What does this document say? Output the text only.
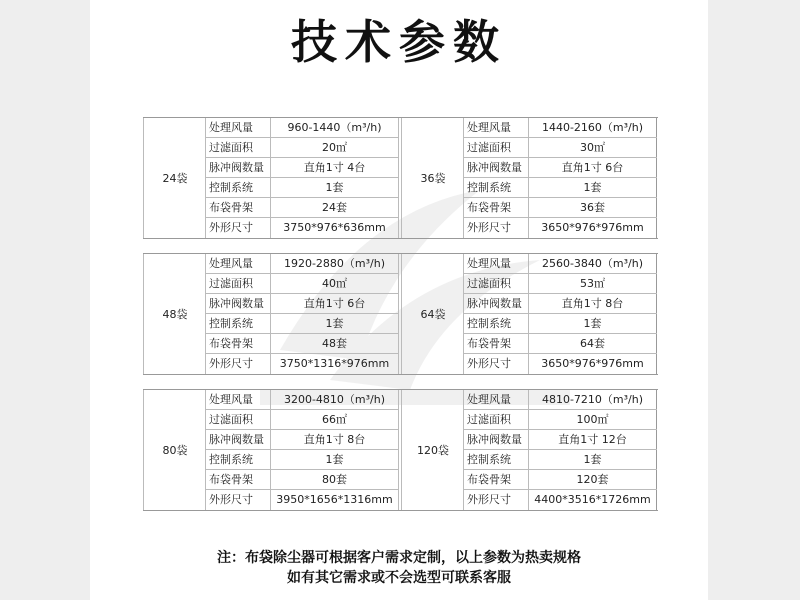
技术参数
24袋
处理风量	960-1440（m³/h)
过滤面积	20㎡
脉冲阀数量	直角1寸 4台
控制系统	1套
布袋骨架	24套
外形尺寸	3750*976*636mm
36袋
处理风量	1440-2160（m³/h)
过滤面积	30㎡
脉冲阀数量	直角1寸 6台
控制系统	1套
布袋骨架	36套
外形尺寸	3650*976*976mm
48袋
处理风量	1920-2880（m³/h)
过滤面积	40㎡
脉冲阀数量	直角1寸 6台
控制系统	1套
布袋骨架	48套
外形尺寸	3750*1316*976mm
64袋
处理风量	2560-3840（m³/h)
过滤面积	53㎡
脉冲阀数量	直角1寸 8台
控制系统	1套
布袋骨架	64套
外形尺寸	3650*976*976mm
80袋
处理风量	3200-4810（m³/h)
过滤面积	66㎡
脉冲阀数量	直角1寸 8台
控制系统	1套
布袋骨架	80套
外形尺寸	3950*1656*1316mm
120袋
处理风量	4810-7210（m³/h)
过滤面积	100㎡
脉冲阀数量	直角1寸 12台
控制系统	1套
布袋骨架	120套
外形尺寸	4400*3516*1726mm
注：布袋除尘器可根据客户需求定制，以上参数为热卖规格
如有其它需求或不会选型可联系客服
